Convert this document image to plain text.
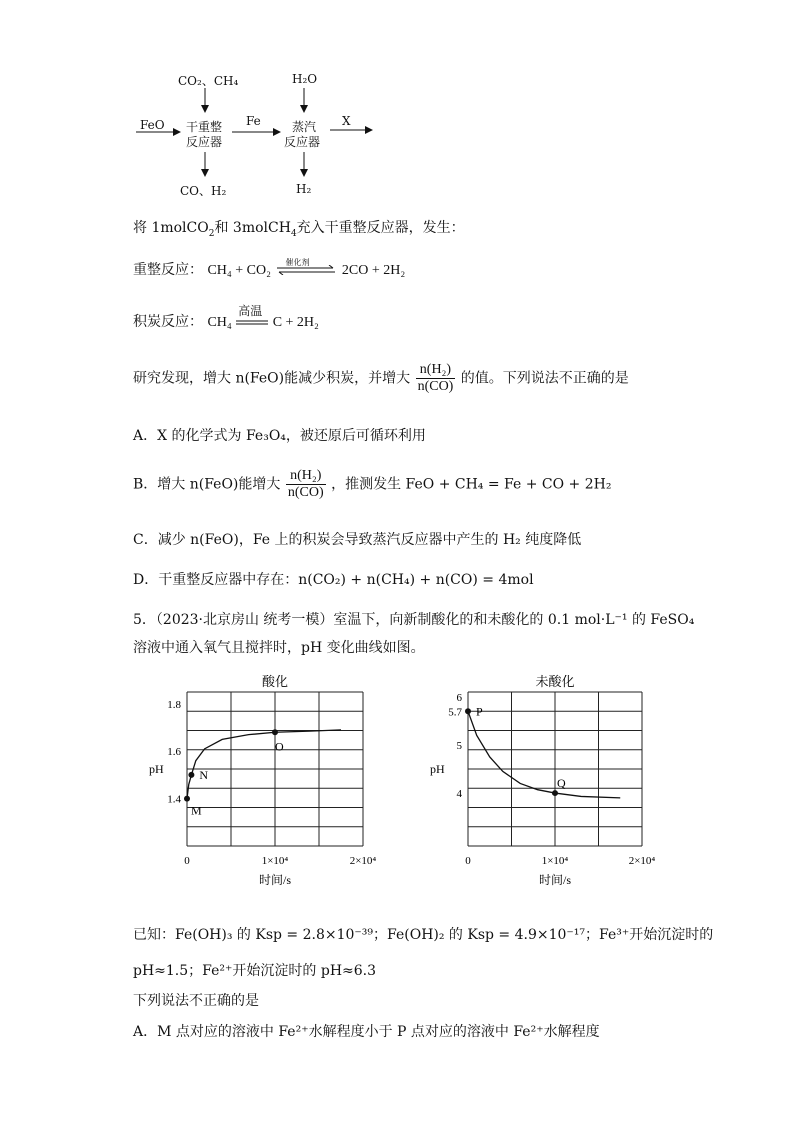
CO₂、CH₄	H₂O
FeO 干重整
反应器
Fe	蒸汽
反应器
X
CO、H₂	H₂
将 1molCO$_2$和 3molCH$_4$充入干重整反应器，发生：
重整反应： CH₄ + CO₂
催化剂
2CO + 2H₂
积炭反应： CH₄
高温
C + 2H₂
研究发现，增大 n(FeO)能减少积炭，并增大 $\frac{\text{n(H₂)}}{n(CO)}$ 的值。下列说法不正确的是
A．X 的化学式为 Fe₃O₄，被还原后可循环利用
B．增大 n(FeO)能增大 $\frac{\text{n(H₂)}}{n(CO)}$ ，推测发生 FeO + CH₄ = Fe + CO + 2H₂
C．减少 n(FeO)，Fe 上的积炭会导致蒸汽反应器中产生的 H₂ 纯度降低
D．干重整反应器中存在：n(CO₂) + n(CH₄) + n(CO) = 4mol
5．（2023·北京房山 统考一模）室温下，向新制酸化的和未酸化的 0.1 mol·L⁻¹ 的 FeSO₄
溶液中通入氧气且搅拌时，pH 变化曲线如图。
酸化
pH
时间/s
0	1×10⁴	2×10⁴
1.4
1.6
1.8
M
N
O
未酸化
pH
时间/s
0	1×10⁴	2×10⁴
4
5
5.7
6
P
Q
已知：Fe(OH)₃ 的 Ksp = 2.8×10⁻³⁹；Fe(OH)₂ 的 Ksp = 4.9×10⁻¹⁷；Fe³⁺开始沉淀时的
pH≈1.5；Fe²⁺开始沉淀时的 pH≈6.3
下列说法不正确的是
A．M 点对应的溶液中 Fe²⁺水解程度小于 P 点对应的溶液中 Fe²⁺水解程度
